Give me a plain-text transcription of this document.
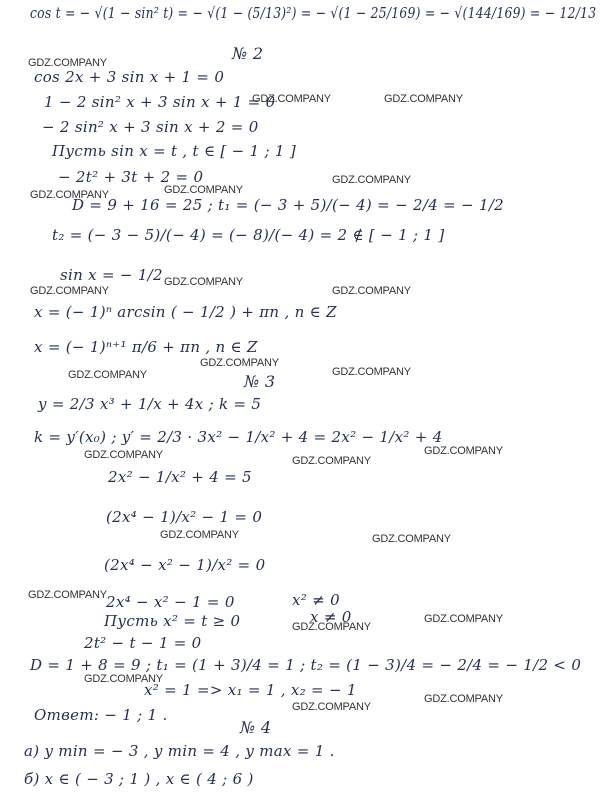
cos t = − √(1 − sin² t) = − √(1 − (5/13)²) = − √(1 − 25/169) = − √(144/169) = − 12/13
№ 2
cos 2x + 3 sin x + 1 = 0
1 − 2 sin² x + 3 sin x + 1 = 0
− 2 sin² x + 3 sin x + 2 = 0
Пусть sin x = t , t ∈ [ − 1 ; 1 ]
− 2t² + 3t + 2 = 0
D = 9 + 16 = 25 ; t₁ = (− 3 + 5)/(− 4) = − 2/4 = − 1/2
t₂ = (− 3 − 5)/(− 4) = (− 8)/(− 4) = 2 ∉ [ − 1 ; 1 ]
sin x = − 1/2
x = (− 1)ⁿ arcsin ( − 1/2 ) + πn , n ∈ Z
x = (− 1)ⁿ⁺¹ π/6 + πn , n ∈ Z
№ 3
y = 2/3 x³ + 1/x + 4x ; k = 5
k = y′(x₀) ; y′ = 2/3 · 3x² − 1/x² + 4 = 2x² − 1/x² + 4
2x² − 1/x² + 4 = 5
(2x⁴ − 1)/x² − 1 = 0
(2x⁴ − x² − 1)/x² = 0
2x⁴ − x² − 1 = 0	x² ≠ 0
x ≠ 0
Пусть x² = t ≥ 0
2t² − t − 1 = 0
D = 1 + 8 = 9 ; t₁ = (1 + 3)/4 = 1 ; t₂ = (1 − 3)/4 = − 2/4 = − 1/2 < 0
x² = 1 => x₁ = 1 , x₂ = − 1
Ответ: − 1 ; 1 .
№ 4
а) y min = − 3 , y min = 4 , y max = 1 .
б) x ∈ ( − 3 ; 1 ) , x ∈ ( 4 ; 6 )
GDZ.COMPANY
GDZ.COMPANY	GDZ.COMPANY
GDZ.COMPANY
GDZ.COMPANY	GDZ.COMPANY
GDZ.COMPANY
GDZ.COMPANY	GDZ.COMPANY
GDZ.COMPANY
GDZ.COMPANY	GDZ.COMPANY
GDZ.COMPANY	GDZ.COMPANY
GDZ.COMPANY
GDZ.COMPANY	GDZ.COMPANY
GDZ.COMPANY
GDZ.COMPANY
GDZ.COMPANY
GDZ.COMPANY
GDZ.COMPANY
GDZ.COMPANY
